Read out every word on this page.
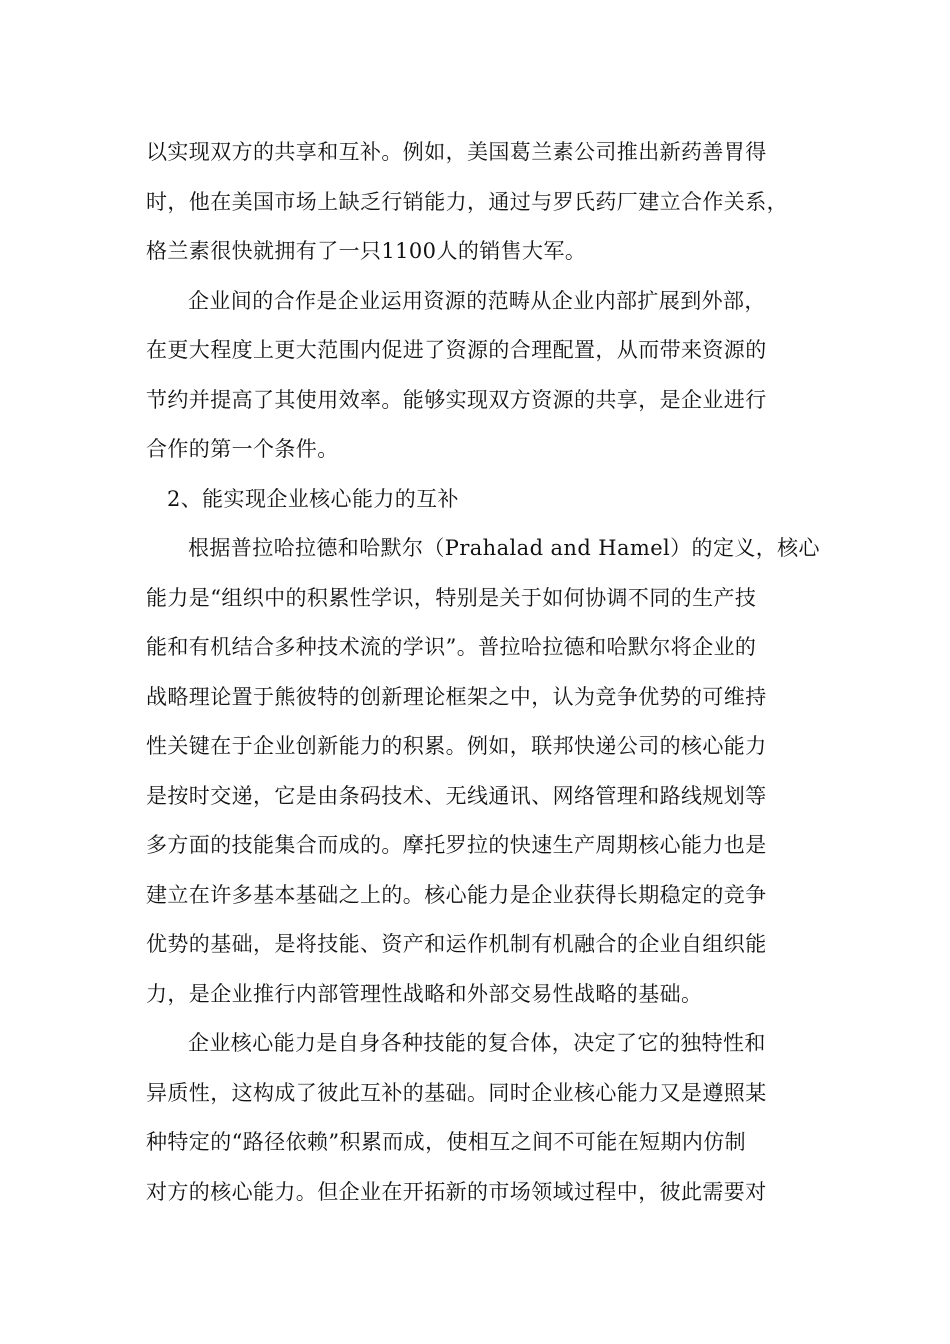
以实现双方的共享和互补。例如，美国葛兰素公司推出新药善胃得
时，他在美国市场上缺乏行销能力，通过与罗氏药厂建立合作关系，
格兰素很快就拥有了一只1100人的销售大军。
企业间的合作是企业运用资源的范畴从企业内部扩展到外部，
在更大程度上更大范围内促进了资源的合理配置，从而带来资源的
节约并提高了其使用效率。能够实现双方资源的共享，是企业进行
合作的第一个条件。
2、能实现企业核心能力的互补
根据普拉哈拉德和哈默尔（Prahalad and Hamel）的定义，核心
能力是“组织中的积累性学识，特别是关于如何协调不同的生产技
能和有机结合多种技术流的学识”。普拉哈拉德和哈默尔将企业的
战略理论置于熊彼特的创新理论框架之中，认为竞争优势的可维持
性关键在于企业创新能力的积累。例如，联邦快递公司的核心能力
是按时交递，它是由条码技术、无线通讯、网络管理和路线规划等
多方面的技能集合而成的。摩托罗拉的快速生产周期核心能力也是
建立在许多基本基础之上的。核心能力是企业获得长期稳定的竞争
优势的基础，是将技能、资产和运作机制有机融合的企业自组织能
力，是企业推行内部管理性战略和外部交易性战略的基础。
企业核心能力是自身各种技能的复合体，决定了它的独特性和
异质性，这构成了彼此互补的基础。同时企业核心能力又是遵照某
种特定的“路径依赖”积累而成，使相互之间不可能在短期内仿制
对方的核心能力。但企业在开拓新的市场领域过程中，彼此需要对
